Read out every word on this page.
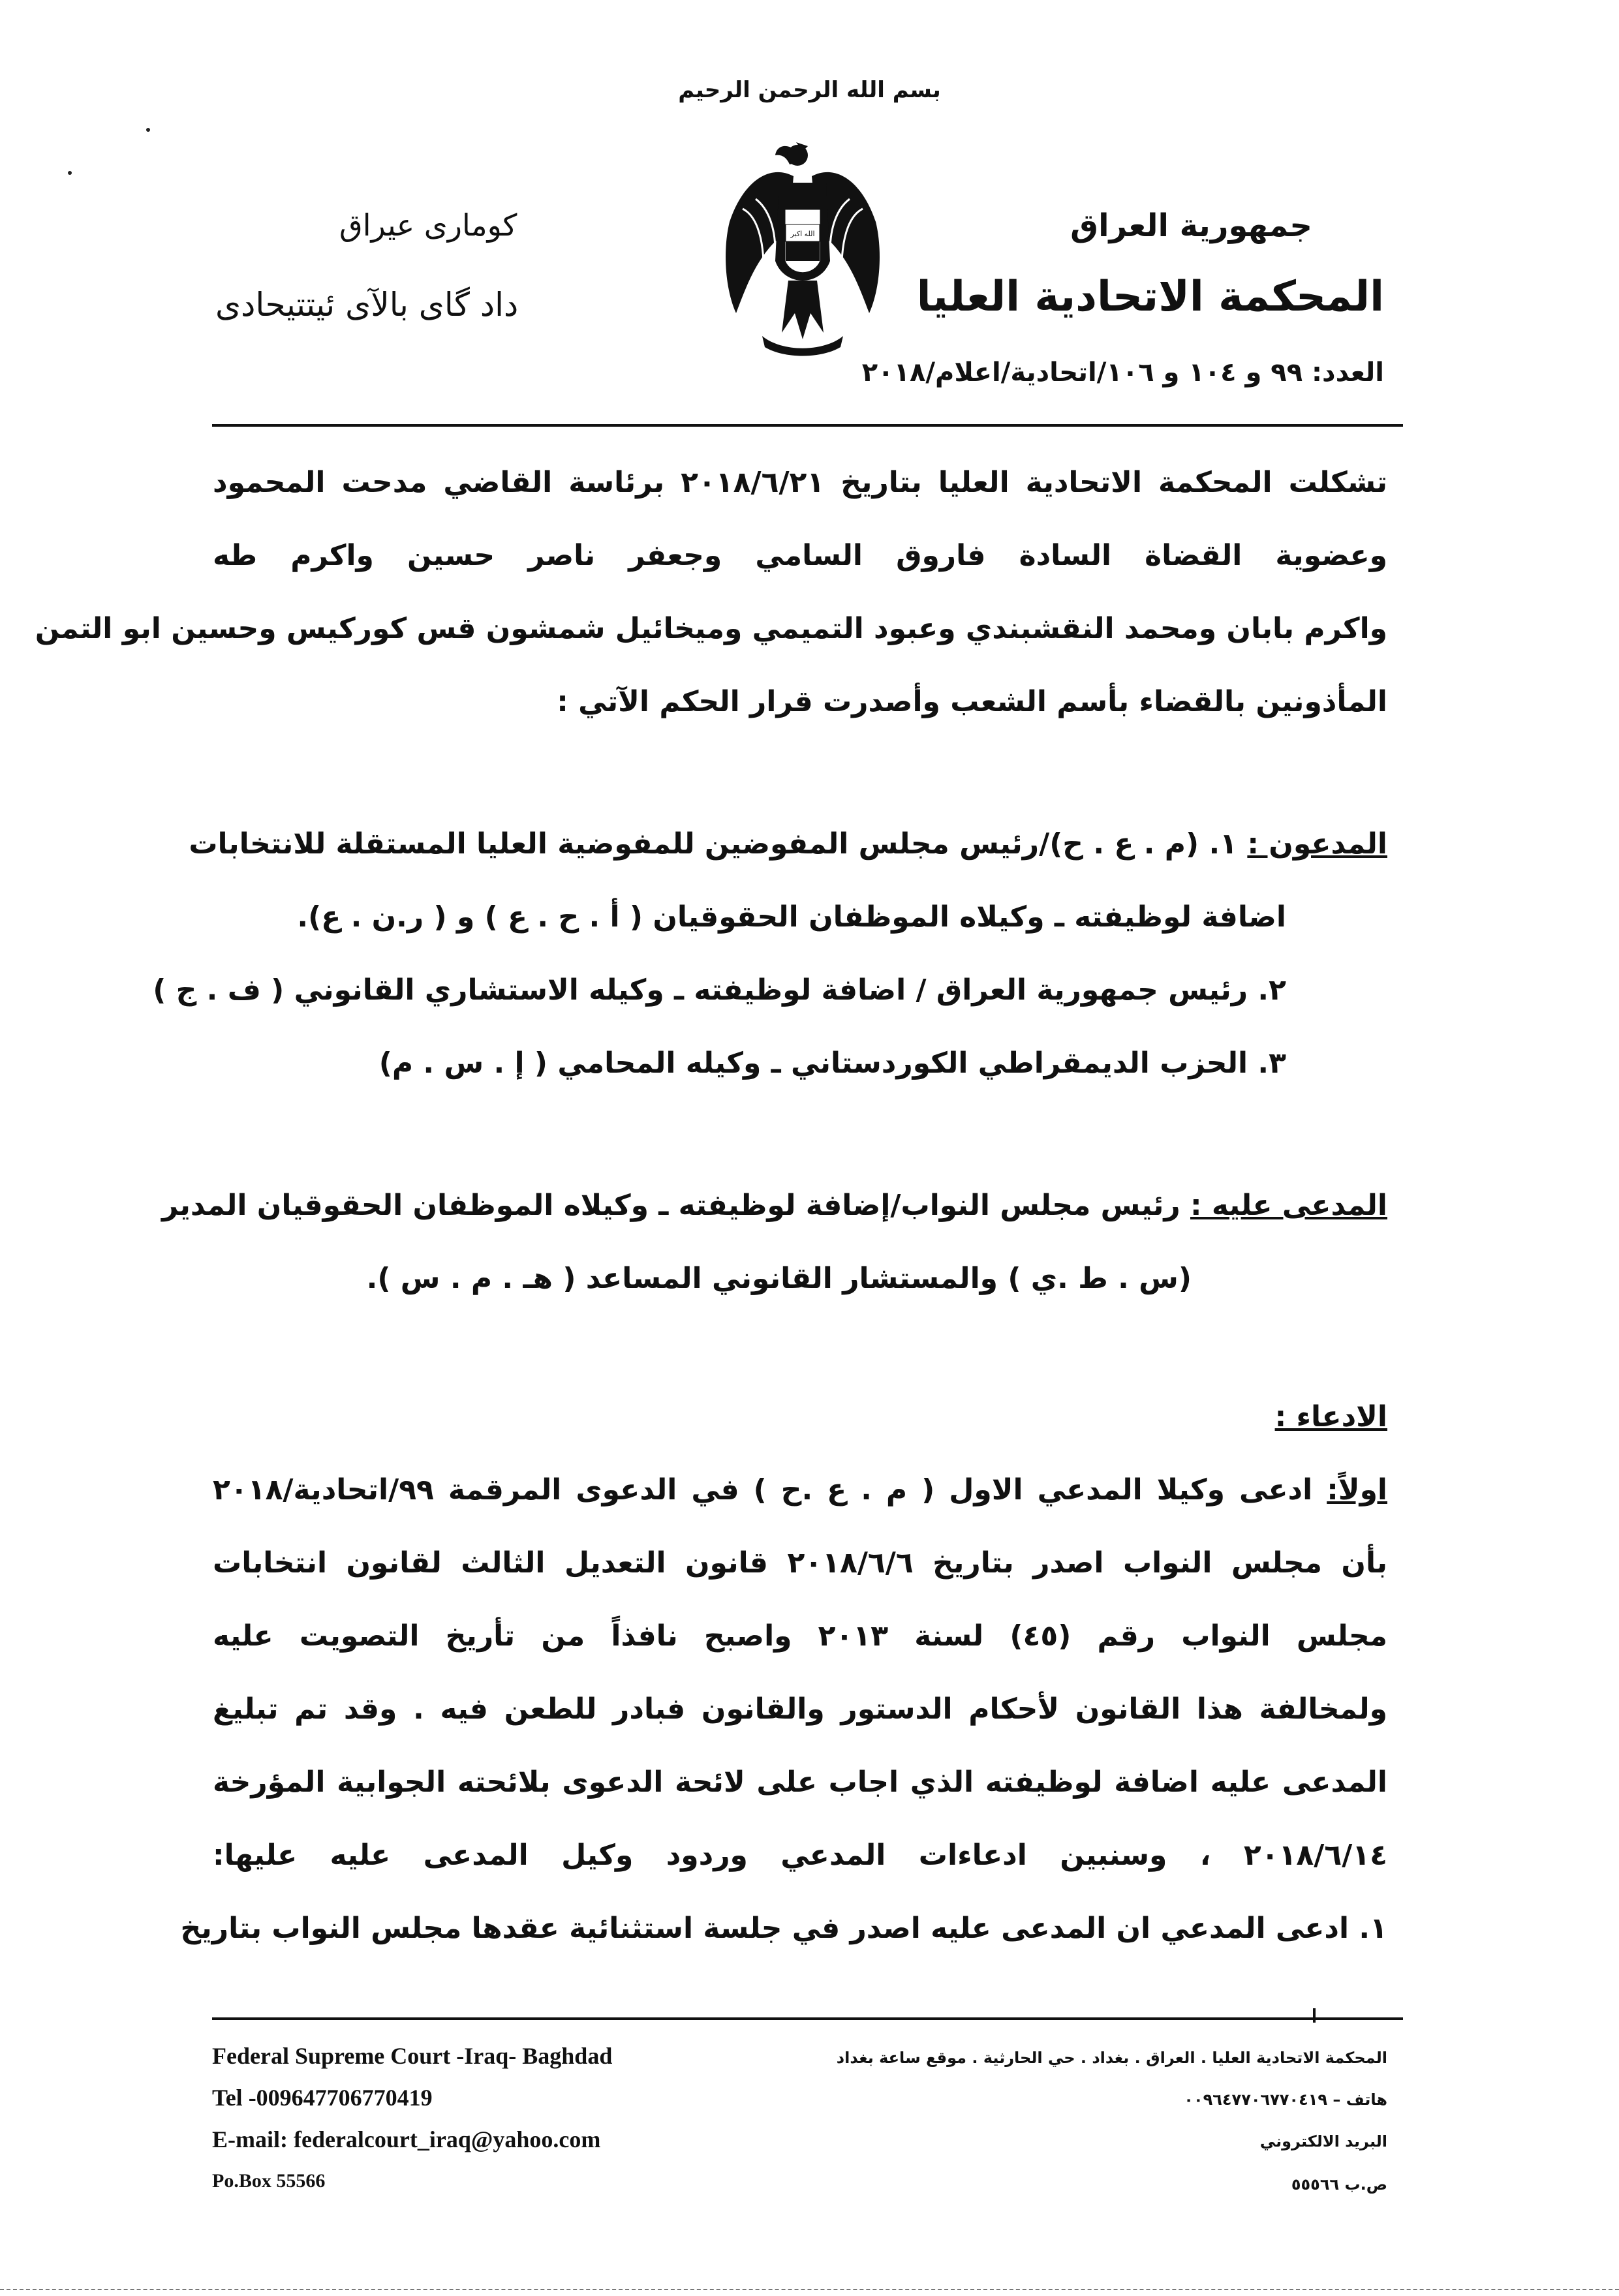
بسم الله الرحمن الرحيم
جمهورية العراق
المحكمة الاتحادية العليا
كوماری عیراق
داد گای بالآی ئیتتیحادی
الله اكبر
العدد: ٩٩ و ١٠٤ و ١٠٦/اتحادية/اعلام/٢٠١٨
تشكلت المحكمة الاتحادية العليا بتاريخ ٢٠١٨/٦/٢١ برئاسة القاضي مدحت المحمود
وعضوية القضاة السادة فاروق السامي وجعفر ناصر حسين واكرم طه
واكرم بابان ومحمد النقشبندي وعبود التميمي وميخائيل شمشون قس كوركيس وحسين ابو التمن
المأذونين بالقضاء بأسم الشعب وأصدرت قرار الحكم الآتي :
المدعون : ١. (م . ع . ح)/رئيس مجلس المفوضين للمفوضية العليا المستقلة للانتخابات
اضافة لوظيفته ـ وكيلاه الموظفان الحقوقيان ( أ . ح . ع ) و ( ر.ن . ع).
٢. رئيس جمهورية العراق / اضافة لوظيفته ـ وكيله الاستشاري القانوني ( ف . ج )
٣. الحزب الديمقراطي الكوردستاني ـ وكيله المحامي ( إ . س . م)
المدعى عليه : رئيس مجلس النواب/إضافة لوظيفته ـ وكيلاه الموظفان الحقوقيان المدير
(س . ط .ي ) والمستشار القانوني المساعد ( هـ . م . س ).
الادعاء :
اولاً: ادعى وكيلا المدعي الاول ( م . ع .ح ) في الدعوى المرقمة ٩٩/اتحادية/٢٠١٨
بأن مجلس النواب اصدر بتاريخ ٢٠١٨/٦/٦ قانون التعديل الثالث لقانون انتخابات
مجلس النواب رقم (٤٥) لسنة ٢٠١٣ واصبح نافذاً من تأريخ التصويت عليه
ولمخالفة هذا القانون لأحكام الدستور والقانون فبادر للطعن فيه . وقد تم تبليغ
المدعى عليه اضافة لوظيفته الذي اجاب على لائحة الدعوى بلائحته الجوابية المؤرخة
٢٠١٨/٦/١٤ ، وسنبين ادعاءات المدعي وردود وكيل المدعى عليه عليها:
١. ادعى المدعي ان المدعى عليه اصدر في جلسة استثنائية عقدها مجلس النواب بتاريخ
Federal Supreme Court -Iraq- Baghdad
Tel -009647706770419
E-mail: federalcourt_iraq@yahoo.com
Po.Box 55566
المحكمة الاتحادية العليا . العراق . بغداد . حي الحارثية . موقع ساعة بغداد
هاتف – ٠٠٩٦٤٧٧٠٦٧٧٠٤١٩
البريد الالكتروني
ص.ب ٥٥٥٦٦
